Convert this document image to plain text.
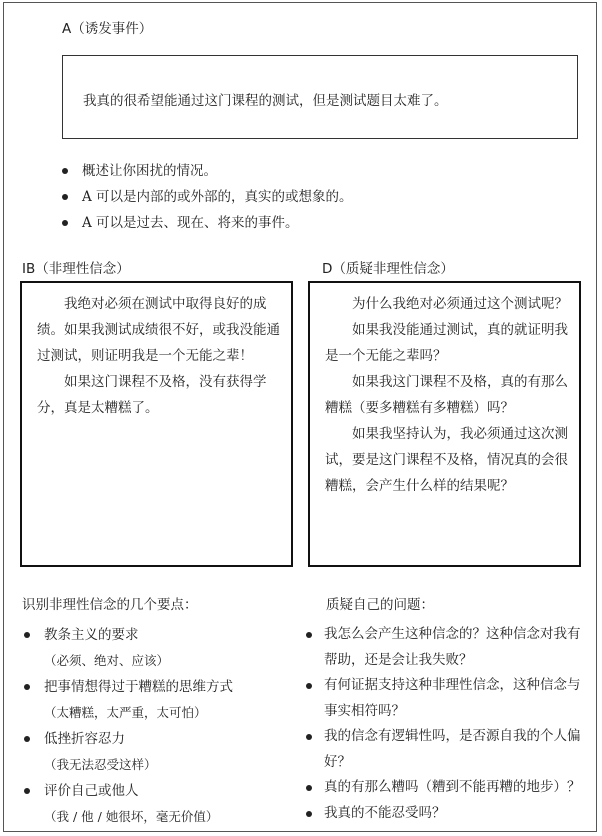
A（诱发事件）

我真的很希望能通过这门课程的测试，但是测试题目太难了。

概述让你困扰的情况。
A 可以是内部的或外部的，真实的或想象的。
A 可以是过去、现在、将来的事件。
IB（非理性信念）

我绝对必须在测试中取得良好的成绩。如果我测试成绩很不好，或我没能通过测试，则证明我是一个无能之辈！

如果这门课程不及格，没有获得学分，真是太糟糕了。

D（质疑非理性信念）

为什么我绝对必须通过这个测试呢？

如果我没能通过测试，真的就证明我是一个无能之辈吗？

如果我这门课程不及格，真的有那么糟糕（要多糟糕有多糟糕）吗？

如果我坚持认为，我必须通过这次测试，要是这门课程不及格，情况真的会很糟糕，会产生什么样的结果呢？

识别非理性信念的几个要点：
教条主义的要求
（必须、绝对、应该）
把事情想得过于糟糕的思维方式
（太糟糕，太严重，太可怕）
低挫折容忍力
（我无法忍受这样）
评价自己或他人
（我 / 他 / 她很坏，毫无价值）
质疑自己的问题：
我怎么会产生这种信念的？这种信念对我有帮助，还是会让我失败？
有何证据支持这种非理性信念，这种信念与事实相符吗？
我的信念有逻辑性吗，是否源自我的个人偏好？
真的有那么糟吗（糟到不能再糟的地步）？
我真的不能忍受吗？
